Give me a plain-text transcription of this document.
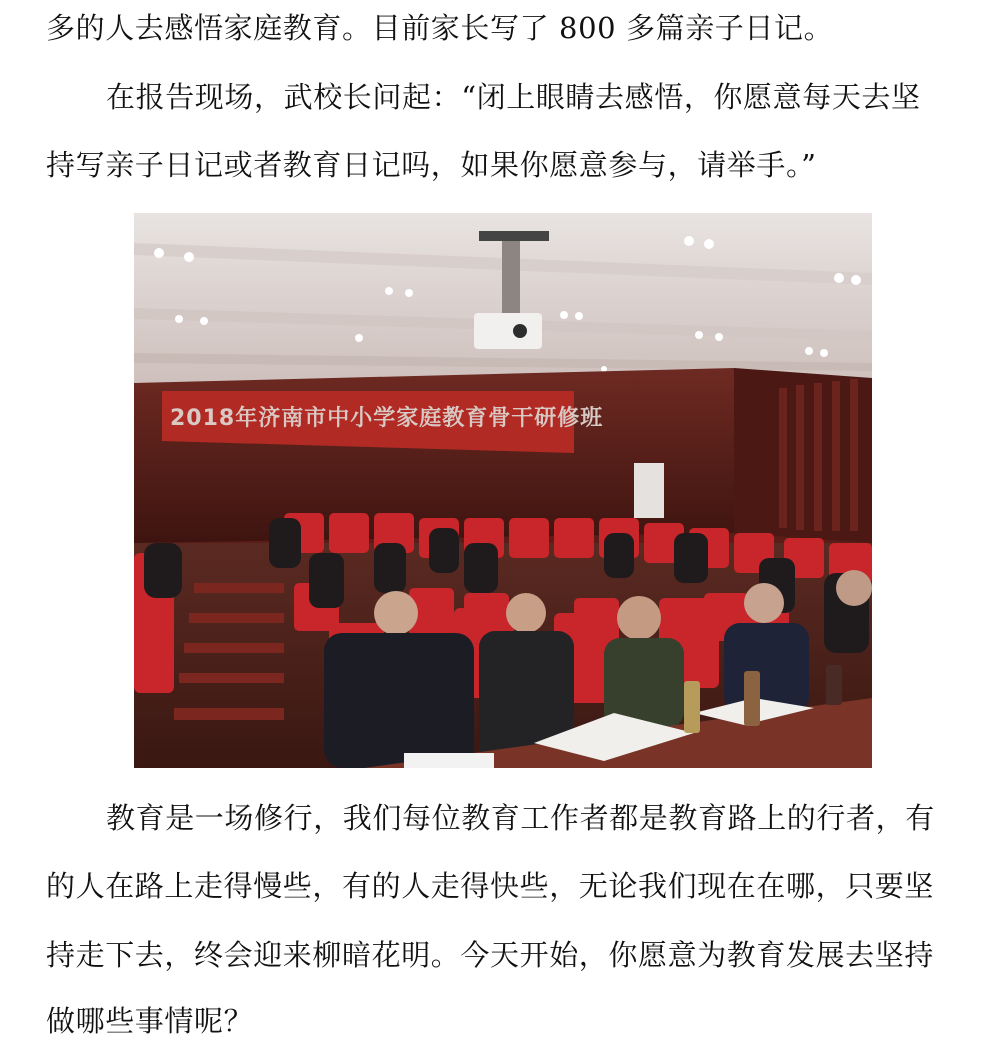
多的人去感悟家庭教育。目前家长写了 800 多篇亲子日记。
在报告现场，武校长问起：“闭上眼睛去感悟，你愿意每天去坚
持写亲子日记或者教育日记吗，如果你愿意参与，请举手。”
2018年济南市中小学家庭教育骨干研修班
教育是一场修行，我们每位教育工作者都是教育路上的行者，有
的人在路上走得慢些，有的人走得快些，无论我们现在在哪，只要坚
持走下去，终会迎来柳暗花明。今天开始，你愿意为教育发展去坚持
做哪些事情呢？
